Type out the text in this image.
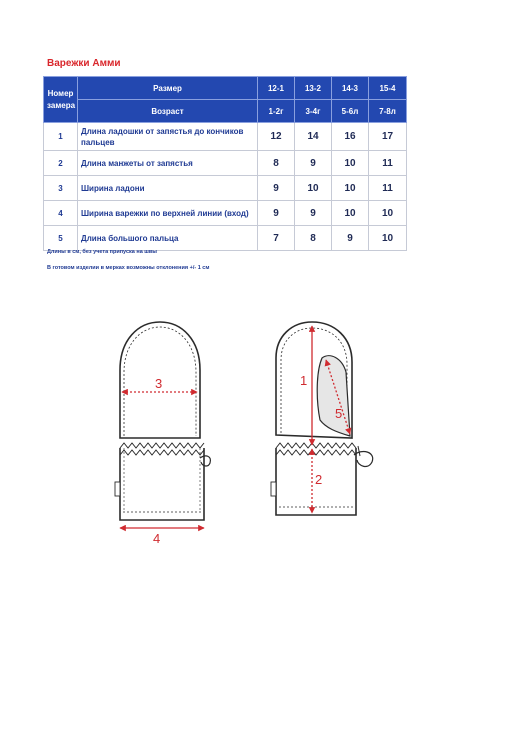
Варежки Амми
Номер замера	Размер	12-1	13-2	14-3	15-4
	Возраст	1-2г	3-4г	5-6л	7-8л
1	Длина ладошки от запястья до кончиков пальцев	12	14	16	17
2	Длина манжеты от запястья	8	9	10	11
3	Ширина ладони	9	10	10	11
4	Ширина варежки по верхней линии (вход)	9	9	10	10
5	Длина большого пальца	7	8	9	10
Длины в см, без учета припуска на швы
В готовом изделии в мерках возможны отклонения +/- 1 см
3
4
1
2
5
